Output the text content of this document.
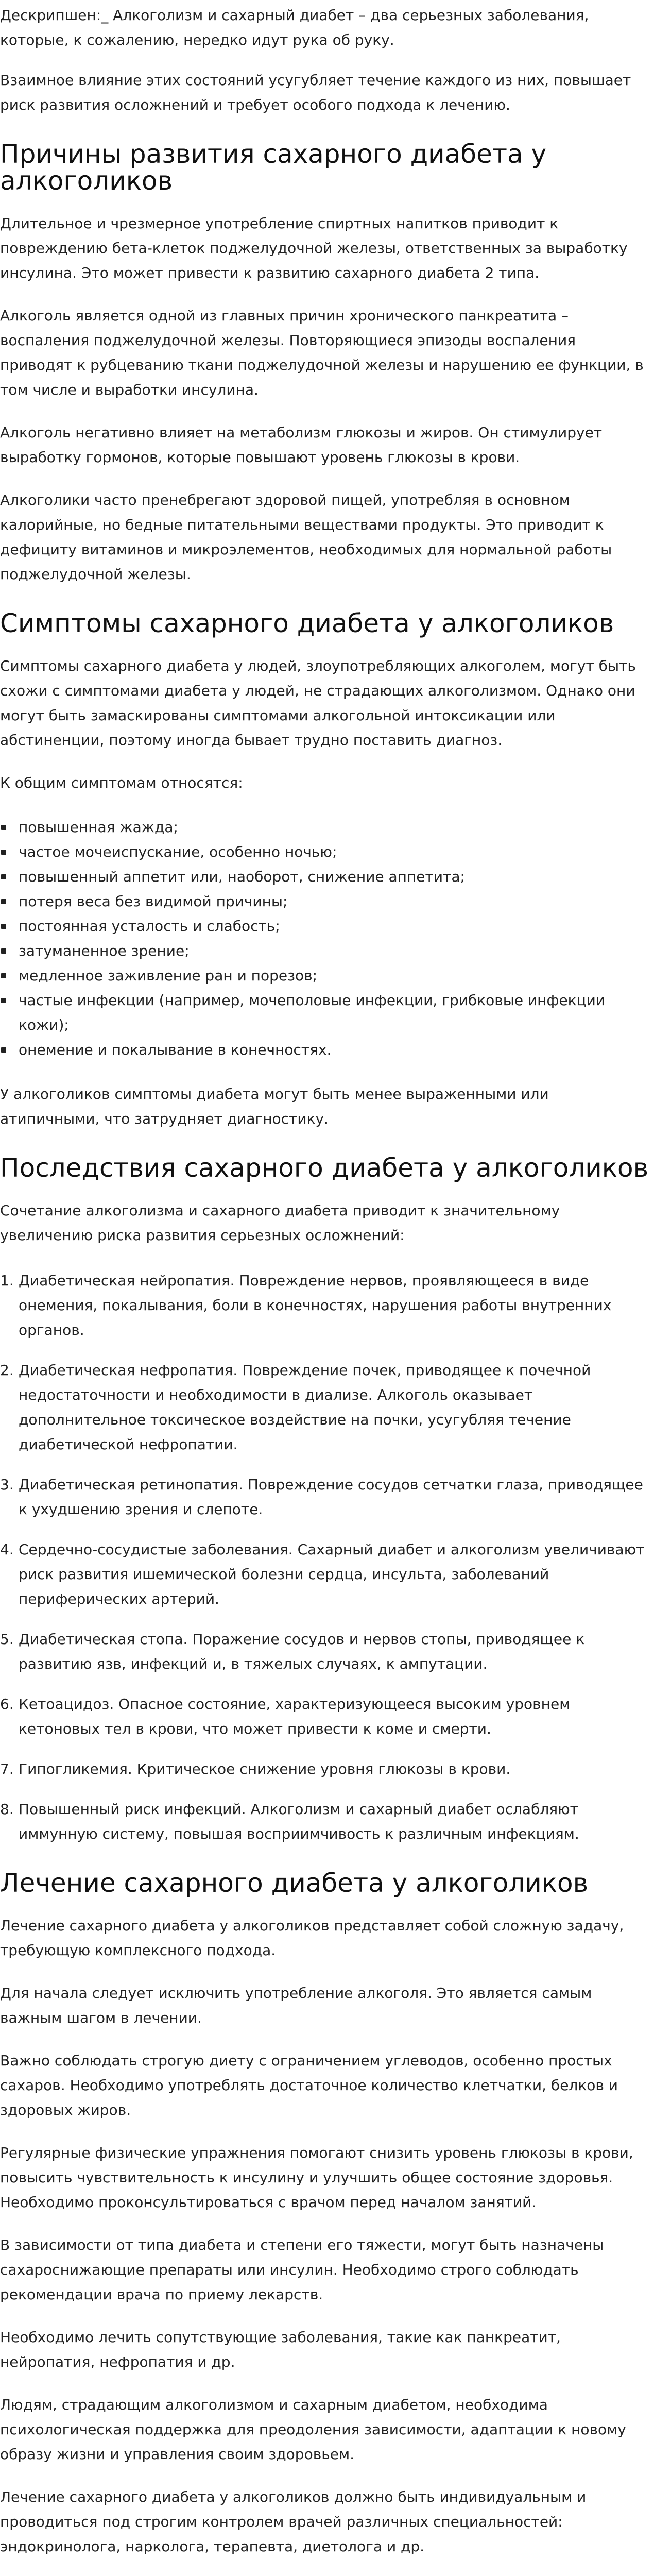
Дескрипшен:_ Алкоголизм и сахарный диабет – два серьезных заболевания, которые, к сожалению, нередко идут рука об руку.

Взаимное влияние этих состояний усугубляет течение каждого из них, повышает риск развития осложнений и требует особого подхода к лечению.

Причины развития сахарного диабета у алкоголиков

Длительное и чрезмерное употребление спиртных напитков приводит к повреждению бета-клеток поджелудочной железы, ответственных за выработку инсулина. Это может привести к развитию сахарного диабета 2 типа.

Алкоголь является одной из главных причин хронического панкреатита – воспаления поджелудочной железы. Повторяющиеся эпизоды воспаления приводят к рубцеванию ткани поджелудочной железы и нарушению ее функции, в том числе и выработки инсулина.

Алкоголь негативно влияет на метаболизм глюкозы и жиров. Он стимулирует выработку гормонов, которые повышают уровень глюкозы в крови.

Алкоголики часто пренебрегают здоровой пищей, употребляя в основном калорийные, но бедные питательными веществами продукты. Это приводит к дефициту витаминов и микроэлементов, необходимых для нормальной работы поджелудочной железы.

Симптомы сахарного диабета у алкоголиков

Симптомы сахарного диабета у людей, злоупотребляющих алкоголем, могут быть схожи с симптомами диабета у людей, не страдающих алкоголизмом. Однако они могут быть замаскированы симптомами алкогольной интоксикации или абстиненции, поэтому иногда бывает трудно поставить диагноз.

К общим симптомам относятся:

повышенная жажда;
частое мочеиспускание, особенно ночью;
повышенный аппетит или, наоборот, снижение аппетита;
потеря веса без видимой причины;
постоянная усталость и слабость;
затуманенное зрение;
медленное заживление ран и порезов;
частые инфекции (например, мочеполовые инфекции, грибковые инфекции кожи);
онемение и покалывание в конечностях.

У алкоголиков симптомы диабета могут быть менее выраженными или атипичными, что затрудняет диагностику.

Последствия сахарного диабета у алкоголиков

Сочетание алкоголизма и сахарного диабета приводит к значительному увеличению риска развития серьезных осложнений:

1. Диабетическая нейропатия. Повреждение нервов, проявляющееся в виде онемения, покалывания, боли в конечностях, нарушения работы внутренних органов.
2. Диабетическая нефропатия. Повреждение почек, приводящее к почечной недостаточности и необходимости в диализе. Алкоголь оказывает дополнительное токсическое воздействие на почки, усугубляя течение диабетической нефропатии.
3. Диабетическая ретинопатия. Повреждение сосудов сетчатки глаза, приводящее к ухудшению зрения и слепоте.
4. Сердечно-сосудистые заболевания. Сахарный диабет и алкоголизм увеличивают риск развития ишемической болезни сердца, инсульта, заболеваний периферических артерий.
5. Диабетическая стопа. Поражение сосудов и нервов стопы, приводящее к развитию язв, инфекций и, в тяжелых случаях, к ампутации.
6. Кетоацидоз. Опасное состояние, характеризующееся высоким уровнем кетоновых тел в крови, что может привести к коме и смерти.
7. Гипогликемия. Критическое снижение уровня глюкозы в крови.
8. Повышенный риск инфекций. Алкоголизм и сахарный диабет ослабляют иммунную систему, повышая восприимчивость к различным инфекциям.
Лечение сахарного диабета у алкоголиков

Лечение сахарного диабета у алкоголиков представляет собой сложную задачу, требующую комплексного подхода.

Для начала следует исключить употребление алкоголя. Это является самым важным шагом в лечении.

Важно соблюдать строгую диету с ограничением углеводов, особенно простых сахаров. Необходимо употреблять достаточное количество клетчатки, белков и здоровых жиров.

Регулярные физические упражнения помогают снизить уровень глюкозы в крови, повысить чувствительность к инсулину и улучшить общее состояние здоровья. Необходимо проконсультироваться с врачом перед началом занятий.

В зависимости от типа диабета и степени его тяжести, могут быть назначены сахароснижающие препараты или инсулин. Необходимо строго соблюдать рекомендации врача по приему лекарств.

Необходимо лечить сопутствующие заболевания, такие как панкреатит, нейропатия, нефропатия и др.

Людям, страдающим алкоголизмом и сахарным диабетом, необходима психологическая поддержка для преодоления зависимости, адаптации к новому образу жизни и управления своим здоровьем.

Лечение сахарного диабета у алкоголиков должно быть индивидуальным и проводиться под строгим контролем врачей различных специальностей: эндокринолога, нарколога, терапевта, диетолога и др.
